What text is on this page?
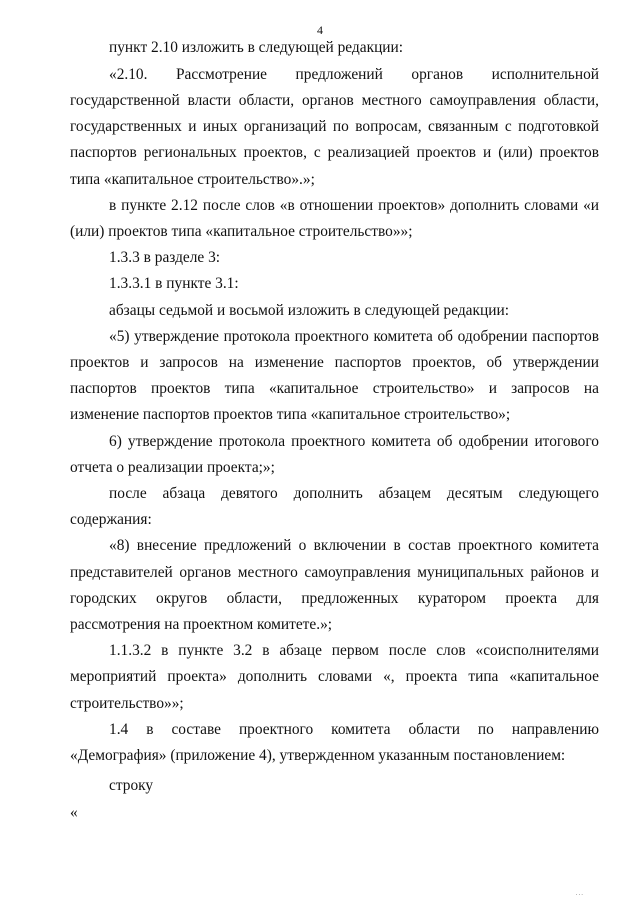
4

пункт 2.10 изложить в следующей редакции:

«2.10. Рассмотрение предложений органов исполнительной государственной власти области, органов местного самоуправления области, государственных и иных организаций по вопросам, связанным с подготовкой паспортов региональных проектов, с реализацией проектов и (или) проектов типа «капитальное строительство».»;

в пункте 2.12 после слов «в отношении проектов» дополнить словами «и (или) проектов типа «капитальное строительство»»;

1.3.3 в разделе 3:

1.3.3.1 в пункте 3.1:

абзацы седьмой и восьмой изложить в следующей редакции:

«5) утверждение протокола проектного комитета об одобрении паспортов проектов и запросов на изменение паспортов проектов, об утверждении паспортов проектов типа «капитальное строительство» и запросов на изменение паспортов проектов типа «капитальное строительство»;

6) утверждение протокола проектного комитета об одобрении итогового отчета о реализации проекта;»;

после абзаца девятого дополнить абзацем десятым следующего содержания:

«8) внесение предложений о включении в состав проектного комитета представителей органов местного самоуправления муниципальных районов и городских округов области, предложенных куратором проекта для рассмотрения на проектном комитете.»;

1.1.3.2 в пункте 3.2 в абзаце первом после слов «соисполнителями мероприятий проекта» дополнить словами «, проекта типа «капитальное строительство»»;

1.4 в составе проектного комитета области по направлению «Демография» (приложение 4), утвержденном указанным постановлением:

строку

«
...
